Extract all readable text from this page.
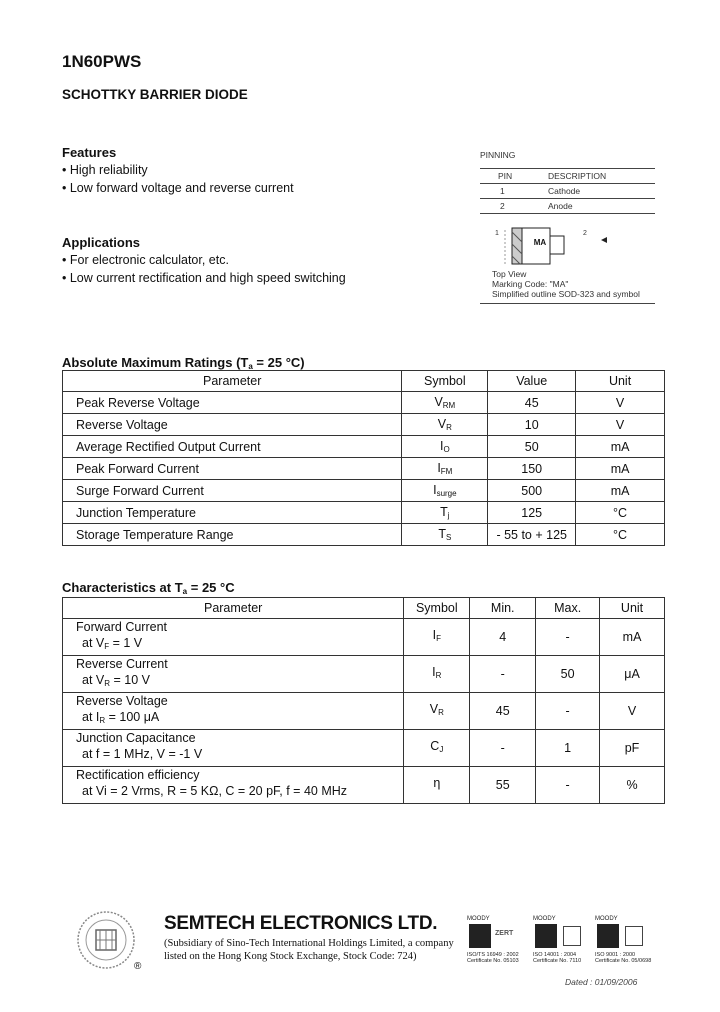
1N60PWS
SCHOTTKY BARRIER DIODE
Features
• High reliability
• Low forward voltage and reverse current
Applications
• For electronic calculator, etc.
• Low current rectification and high speed switching
PINNING
PIN	DESCRIPTION
1	Cathode
2	Anode
1	2
MA
Top View
Marking Code: "MA"
Simplified outline SOD-323 and symbol
Absolute Maximum Ratings ($T_a = 25$ °C)
Parameter	Symbol	Value	Unit
Peak Reverse Voltage	$V_{RM}$	45	V
Reverse Voltage	$V_R$	10	V
Average Rectified Output Current	$I_O$	50	mA
Peak Forward Current	$I_{FM}$	150	mA
Surge Forward Current	$I_{surge}$	500	mA
Junction Temperature	$T_j$	125	°C
Storage Temperature Range	$T_S$	- 55 to + 125	°C
Characteristics at $T_a = 25$ °C
Parameter	Symbol	Min.	Max.	Unit

Forward Current
at $V_F = 1$ V	$I_F$	4	-	mA

Reverse Current
at $V_R = 10$ V	$I_R$	-	50	μA

Reverse Voltage
at $I_R = 100$ μA	$V_R$	45	-	V

Junction Capacitance
at f = 1 MHz, V = -1 V	$C_J$	-	1	pF

Rectification efficiency
at Vi = 2 Vrms, R = 5 KΩ, C = 20 pF, f = 40 MHz	η	55	-	%
®
SEMTECH ELECTRONICS LTD.
(Subsidiary of Sino-Tech International Holdings Limited, a company
listed on the Hong Kong Stock Exchange, Stock Code: 724)
MOODY
ZERT
ISO/TS 16949 : 2002
Certificate No. 05103
MOODY
ISO 14001 : 2004
Certificate No. 7110
MOODY
ISO 9001 : 2000
Certificate No. 05/0698
Dated : 01/09/2006
